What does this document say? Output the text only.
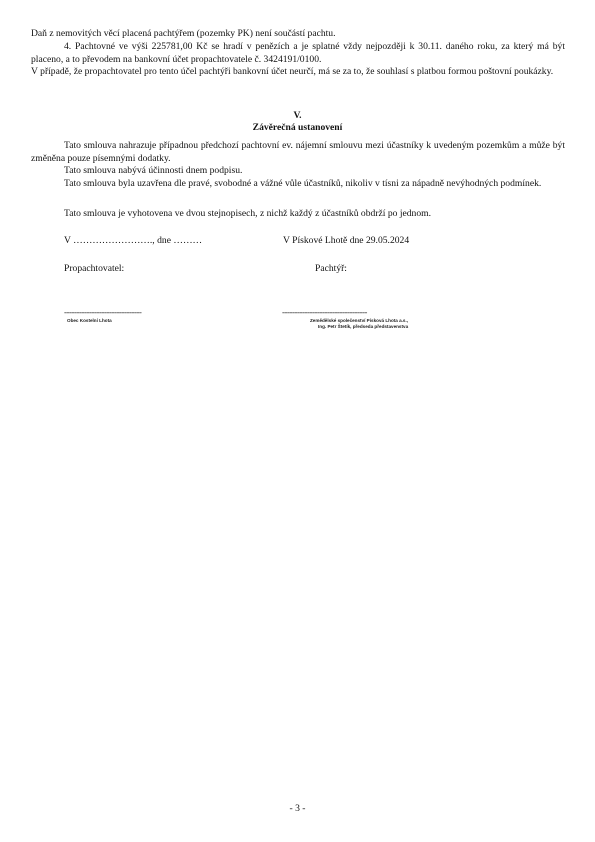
Daň z nemovitých věcí placená pachtýřem (pozemky PK) není součástí pachtu.
4. Pachtovné ve výši 225781,00 Kč se hradí v penězích a je splatné vždy nejpozději k 30.11. daného roku, za který má být placeno, a to převodem na bankovní účet propachtovatele č. 3424191/0100.
V případě, že propachtovatel pro tento účel pachtýři bankovní účet neurčí, má se za to, že souhlasí s platbou formou poštovní poukázky.
V.
Závěrečná ustanovení
Tato smlouva nahrazuje případnou předchozí pachtovní ev. nájemní smlouvu mezi účastníky k uvedeným pozemkům a může být změněna pouze písemnými dodatky.
Tato smlouva nabývá účinnosti dnem podpisu.
Tato smlouva byla uzavřena dle pravé, svobodné a vážné vůle účastníků, nikoliv v tísni za nápadně nevýhodných podmínek.
Tato smlouva je vyhotovena ve dvou stejnopisech, z nichž každý z účastníků obdrží po jednom.
V ……………………., dne ………	V Pískové Lhotě dne 29.05.2024
Propachtovatel:	Pachtýř:
-------------------------------	----------------------------------
Obec Kostelní Lhota	Zemědělské společenství Písková Lhota a.s.,
Ing. Petr Štetík, předseda představenstva
- 3 -
